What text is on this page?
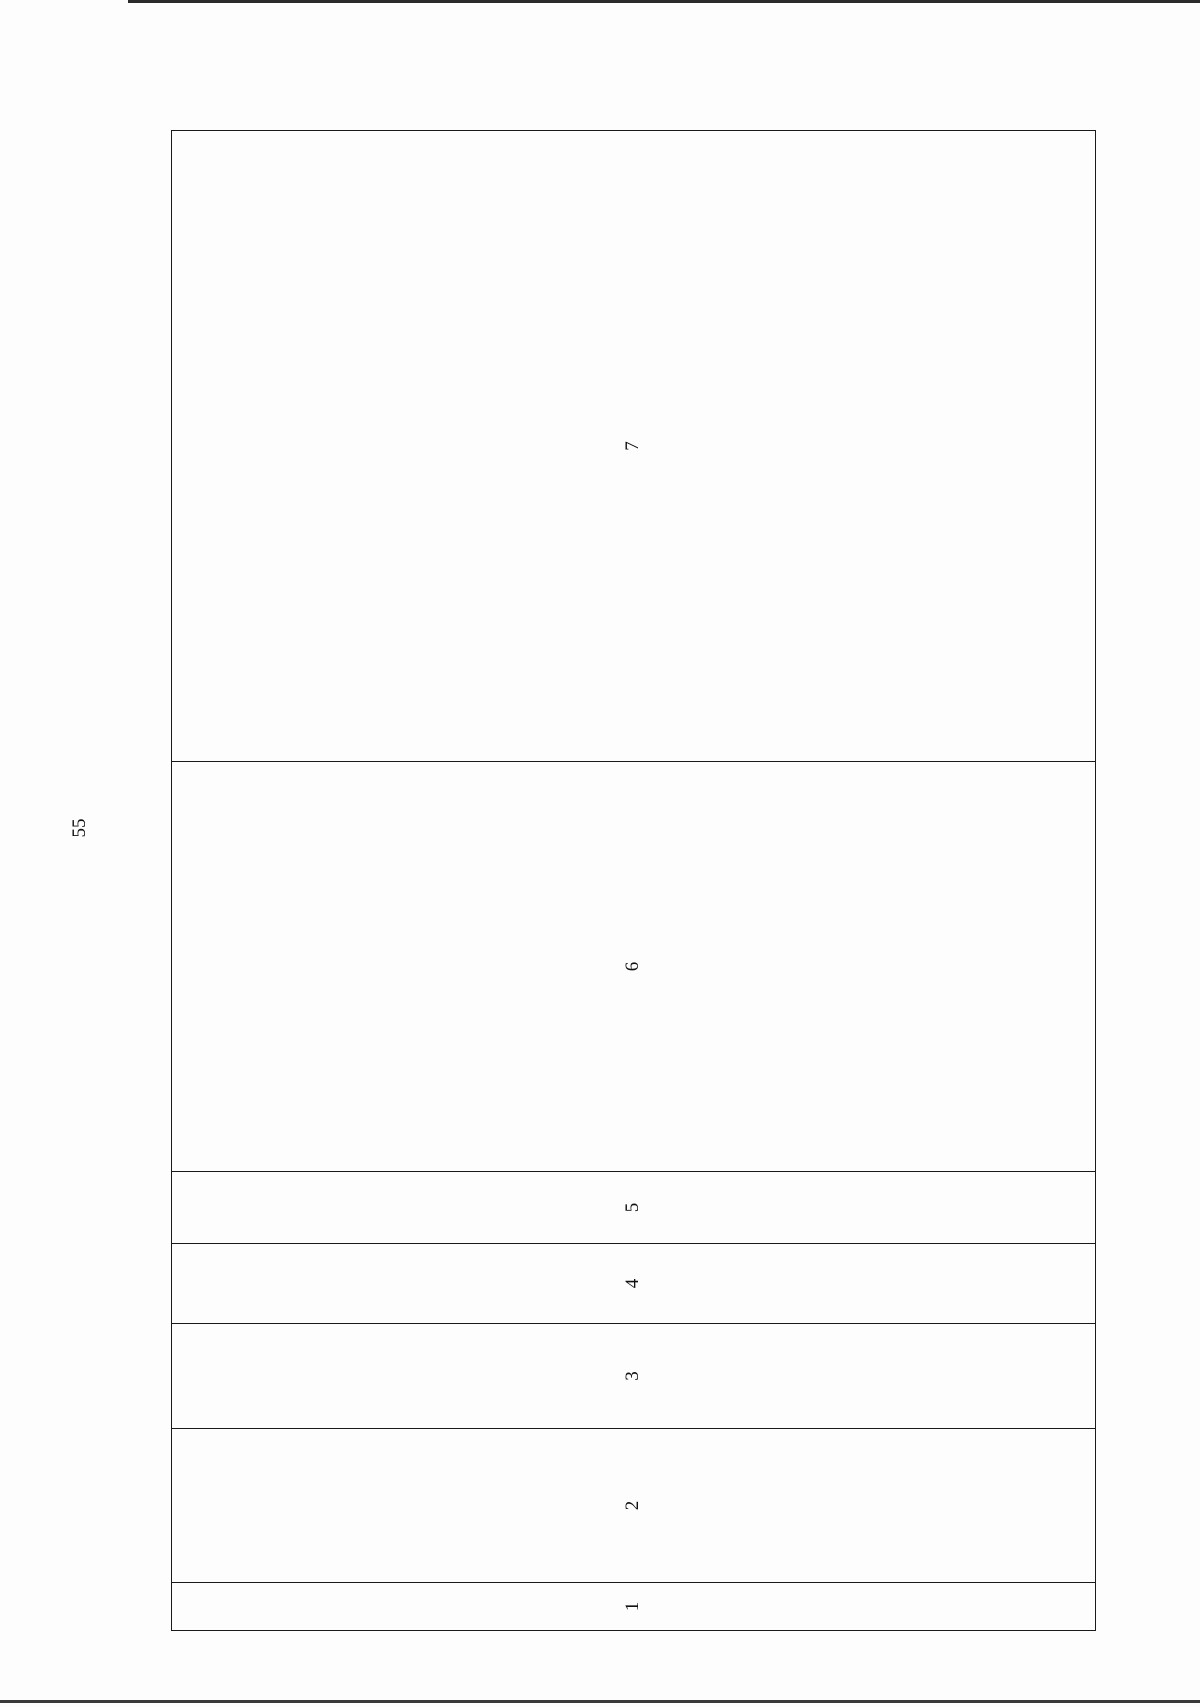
55
1	2	3	4	5	6	7
